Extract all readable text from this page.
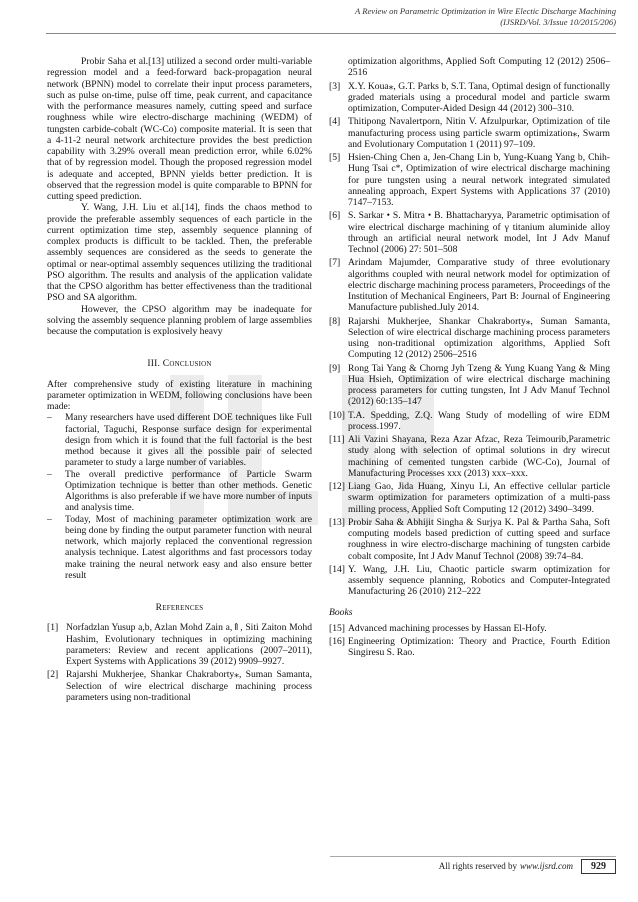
A Review on Parametric Optimization in Wire Electic Discharge Machining
(IJSRD/Vol. 3/Issue 10/2015/206)

Probir Saha et al.[13] utilized a second order multi-variable regression model and a feed-forward back-propagation neural network (BPNN) model to correlate their input process parameters, such as pulse on-time, pulse off time, peak current, and capacitance with the performance measures namely, cutting speed and surface roughness while wire electro-discharge machining (WEDM) of tungsten carbide-cobalt (WC-Co) composite material. It is seen that a 4-11-2 neural network architecture provides the best prediction capability with 3.29% overall mean prediction error, while 6.02% that of by regression model. Though the proposed regression model is adequate and accepted, BPNN yields better prediction. It is observed that the regression model is quite comparable to BPNN for cutting speed prediction.

Y. Wang, J.H. Liu et al.[14], finds the chaos method to provide the preferable assembly sequences of each particle in the current optimization time step, assembly sequence planning of complex products is difficult to be tackled. Then, the preferable assembly sequences are considered as the seeds to generate the optimal or near-optimal assembly sequences utilizing the traditional PSO algorithm. The results and analysis of the application validate that the CPSO algorithm has better effectiveness than the traditional PSO and SA algorithm.

However, the CPSO algorithm may be inadequate for solving the assembly sequence planning problem of large assemblies because the computation is explosively heavy

III. Conclusion

After comprehensive study of existing literature in machining parameter optimization in WEDM, following conclusions have been made:

– Many researchers have used different DOE techniques like Full factorial, Taguchi, Response surface design for experimental design from which it is found that the full factorial is the best method because it gives all the possible pair of selected parameter to study a large number of variables.
– The overall predictive performance of Particle Swarm Optimization technique is better than other methods. Genetic Algorithms is also preferable if we have more number of inputs and analysis time.
– Today, Most of machining parameter optimization work are being done by finding the output parameter function with neural network, which majorly replaced the conventional regression analysis technique. Latest algorithms and fast processors today make training the neural network easy and also ensure better result
References
[1] Norfadzlan Yusup a,b, Azlan Mohd Zain a,⇑, Siti Zaiton Mohd Hashim, Evolutionary techniques in optimizing machining parameters: Review and recent applications (2007–2011), Expert Systems with Applications 39 (2012) 9909–9927.
[2] Rajarshi Mukherjee, Shankar Chakraborty⁎, Suman Samanta, Selection of wire electrical discharge machining process parameters using non-traditional
optimization algorithms, Applied Soft Computing 12 (2012) 2506–2516
[3] X.Y. Koua⁎, G.T. Parks b, S.T. Tana, Optimal design of functionally graded materials using a procedural model and particle swarm optimization, Computer-Aided Design 44 (2012) 300–310.
[4] Thitipong Navalertporn, Nitin V. Afzulpurkar, Optimization of tile manufacturing process using particle swarm optimization⁎, Swarm and Evolutionary Computation 1 (2011) 97–109.
[5] Hsien-Ching Chen a, Jen-Chang Lin b, Yung-Kuang Yang b, Chih-Hung Tsai c*, Optimization of wire electrical discharge machining for pure tungsten using a neural network integrated simulated annealing approach, Expert Systems with Applications 37 (2010) 7147–7153.
[6] S. Sarkar • S. Mitra • B. Bhattacharyya, Parametric optimisation of wire electrical discharge machining of γ titanium aluminide alloy through an artificial neural network model, Int J Adv Manuf Technol (2006) 27: 501–508
[7] Arindam Majumder, Comparative study of three evolutionary algorithms coupled with neural network model for optimization of electric discharge machining process parameters, Proceedings of the Institution of Mechanical Engineers, Part B: Journal of Engineering Manufacture published.July 2014.
[8] Rajarshi Mukherjee, Shankar Chakraborty⁎, Suman Samanta, Selection of wire electrical discharge machining process parameters using non-traditional optimization algorithms, Applied Soft Computing 12 (2012) 2506–2516
[9] Rong Tai Yang & Chorng Jyh Tzeng & Yung Kuang Yang & Ming Hua Hsieh, Optimization of wire electrical discharge machining process parameters for cutting tungsten, Int J Adv Manuf Technol (2012) 60:135–147
[10] T.A. Spedding, Z.Q. Wang Study of modelling of wire EDM process.1997.
[11] Ali Vazini Shayana, Reza Azar Afzac, Reza Teimouri​b,Parametric study along with selection of optimal solutions in dry wirecut machining of cemented tungsten carbide (WC-Co), Journal of Manufacturing Processes xxx (2013) xxx–xxx.
[12] Liang Gao, Jida Huang, Xinyu Li, An effective cellular particle swarm optimization for parameters optimization of a multi-pass milling process, Applied Soft Computing 12 (2012) 3490–3499.
[13] Probir Saha & Abhijit Singha & Surjya K. Pal & Partha Saha, Soft computing models based prediction of cutting speed and surface roughness in wire electro-discharge machining of tungsten carbide cobalt composite, Int J Adv Manuf Technol (2008) 39:74–84.
[14] Y. Wang, J.H. Liu, Chaotic particle swarm optimization for assembly sequence planning, Robotics and Computer-Integrated Manufacturing 26 (2010) 212–222
Books
[15] Advanced machining processes by Hassan El-Hofy.
[16] Engineering Optimization: Theory and Practice, Fourth Edition Singiresu S. Rao.
All rights reserved by www.ijsrd.com	929
